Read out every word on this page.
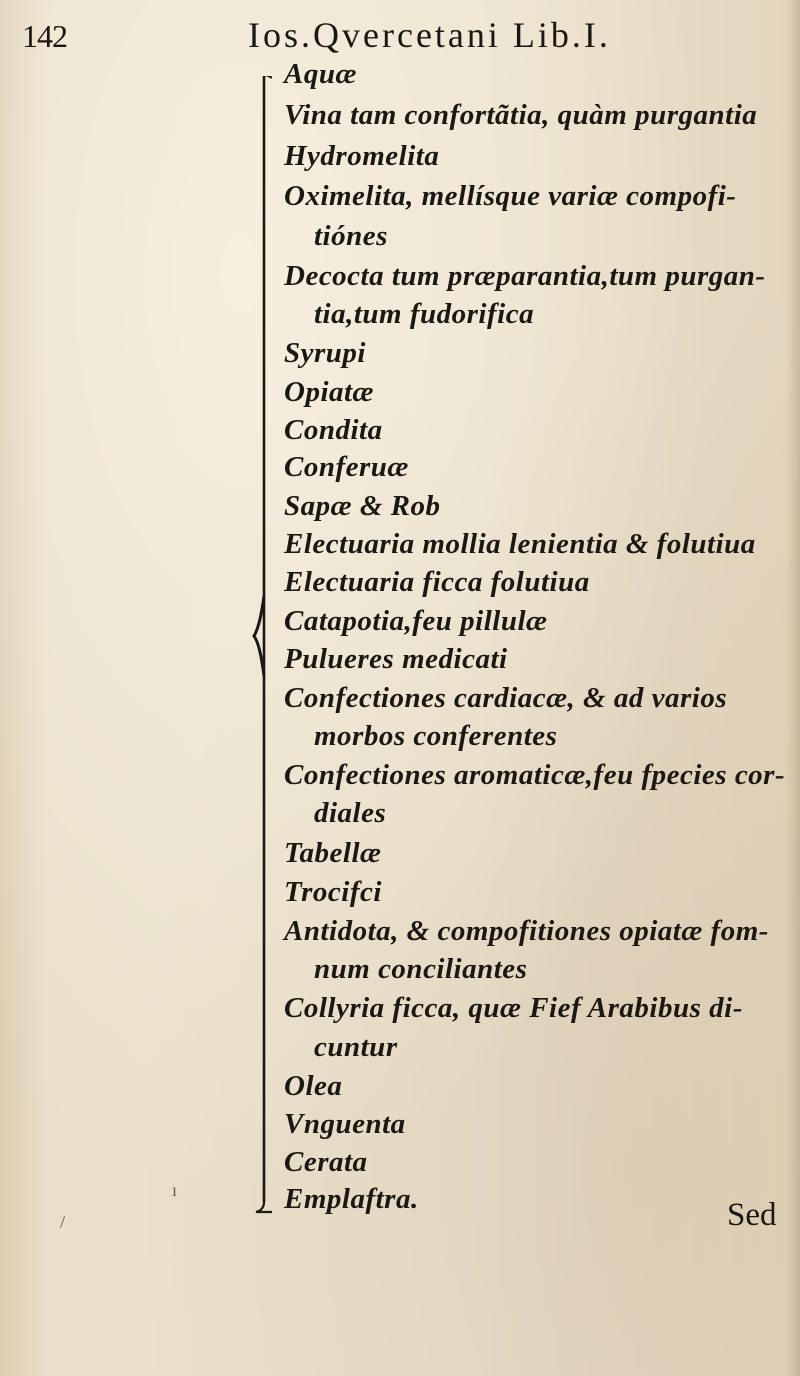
142	Ios.Qvercetani Lib.I.
Aquæ
Vina tam confortãtia, quàm purgantia
Hydromelita
Oximelita, mellísque variæ compofi-
tiónes
Decocta tum præparantia,tum purgan-
tia,tum fudorifica
Syrupi
Opiatæ
Condita
Conferuæ
Sapæ & Rob
Electuaria mollia lenientia & folutiua
Electuaria ficca folutiua
Catapotia,feu pillulæ
Pulueres medicati
Confectiones cardiacæ, & ad varios
morbos conferentes
Confectiones aromaticæ,feu fpecies cor-
diales
Tabellæ
Trocifci
Antidota, & compofitiones opiatæ fom-
num conciliantes
Collyria ficca, quæ Fief Arabibus di-
cuntur
Olea
Vnguenta
Cerata
Emplaftra.	Sed
ı
/
